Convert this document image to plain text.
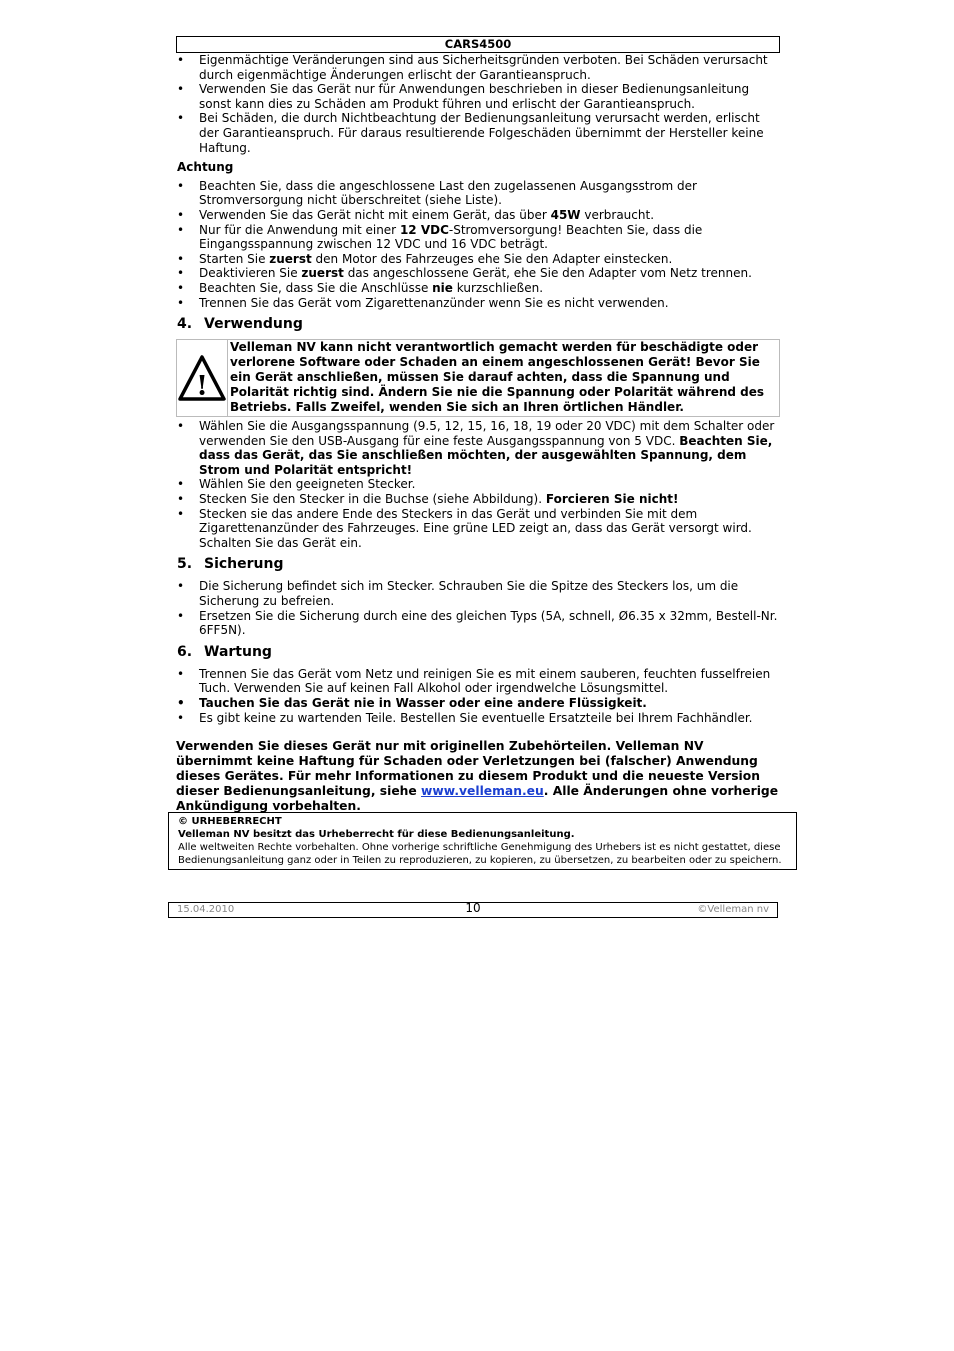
CARS4500
• Eigenmächtige Veränderungen sind aus Sicherheitsgründen verboten. Bei Schäden verursacht durch eigenmächtige Änderungen erlischt der Garantieanspruch.
• Verwenden Sie das Gerät nur für Anwendungen beschrieben in dieser Bedienungsanleitung sonst kann dies zu Schäden am Produkt führen und erlischt der Garantieanspruch.
• Bei Schäden, die durch Nichtbeachtung der Bedienungsanleitung verursacht werden, erlischt der Garantieanspruch. Für daraus resultierende Folgeschäden übernimmt der Hersteller keine Haftung.
Achtung
• Beachten Sie, dass die angeschlossene Last den zugelassenen Ausgangsstrom der Stromversorgung nicht überschreitet (siehe Liste).
• Verwenden Sie das Gerät nicht mit einem Gerät, das über 45W verbraucht.
• Nur für die Anwendung mit einer 12 VDC-Stromversorgung! Beachten Sie, dass die Eingangsspannung zwischen 12 VDC und 16 VDC beträgt.
• Starten Sie zuerst den Motor des Fahrzeuges ehe Sie den Adapter einstecken.
• Deaktivieren Sie zuerst das angeschlossene Gerät, ehe Sie den Adapter vom Netz trennen.
• Beachten Sie, dass Sie die Anschlüsse nie kurzschließen.
• Trennen Sie das Gerät vom Zigarettenanzünder wenn Sie es nicht verwenden.
4. Verwendung
!
Velleman NV kann nicht verantwortlich gemacht werden für beschädigte oder verlorene Software oder Schaden an einem angeschlossenen Gerät! Bevor Sie ein Gerät anschließen, müssen Sie darauf achten, dass die Spannung und Polarität richtig sind. Ändern Sie nie die Spannung oder Polarität während des Betriebs. Falls Zweifel, wenden Sie sich an Ihren örtlichen Händler.
• Wählen Sie die Ausgangsspannung (9.5, 12, 15, 16, 18, 19 oder 20 VDC) mit dem Schalter oder verwenden Sie den USB-Ausgang für eine feste Ausgangsspannung von 5 VDC. Beachten Sie, dass das Gerät, das Sie anschließen möchten, der ausgewählten Spannung, dem Strom und Polarität entspricht!
• Wählen Sie den geeigneten Stecker.
• Stecken Sie den Stecker in die Buchse (siehe Abbildung). Forcieren Sie nicht!
• Stecken sie das andere Ende des Steckers in das Gerät und verbinden Sie mit dem Zigarettenanzünder des Fahrzeuges. Eine grüne LED zeigt an, dass das Gerät versorgt wird. Schalten Sie das Gerät ein.
5. Sicherung
• Die Sicherung befindet sich im Stecker. Schrauben Sie die Spitze des Steckers los, um die Sicherung zu befreien.
• Ersetzen Sie die Sicherung durch eine des gleichen Typs (5A, schnell, Ø6.35 x 32mm, Bestell-Nr. 6FF5N).
6. Wartung
• Trennen Sie das Gerät vom Netz und reinigen Sie es mit einem sauberen, feuchten fusselfreien Tuch. Verwenden Sie auf keinen Fall Alkohol oder irgendwelche Lösungsmittel.
• Tauchen Sie das Gerät nie in Wasser oder eine andere Flüssigkeit.
• Es gibt keine zu wartenden Teile. Bestellen Sie eventuelle Ersatzteile bei Ihrem Fachhändler.
Verwenden Sie dieses Gerät nur mit originellen Zubehörteilen. Velleman NV übernimmt keine Haftung für Schaden oder Verletzungen bei (falscher) Anwendung dieses Gerätes. Für mehr Informationen zu diesem Produkt und die neueste Version dieser Bedienungsanleitung, siehe www.velleman.eu. Alle Änderungen ohne vorherige Ankündigung vorbehalten.
© URHEBERRECHT
Velleman NV besitzt das Urheberrecht für diese Bedienungsanleitung.
Alle weltweiten Rechte vorbehalten. Ohne vorherige schriftliche Genehmigung des Urhebers ist es nicht gestattet, diese Bedienungsanleitung ganz oder in Teilen zu reproduzieren, zu kopieren, zu übersetzen, zu bearbeiten oder zu speichern.
15.04.2010	10	©Velleman nv
